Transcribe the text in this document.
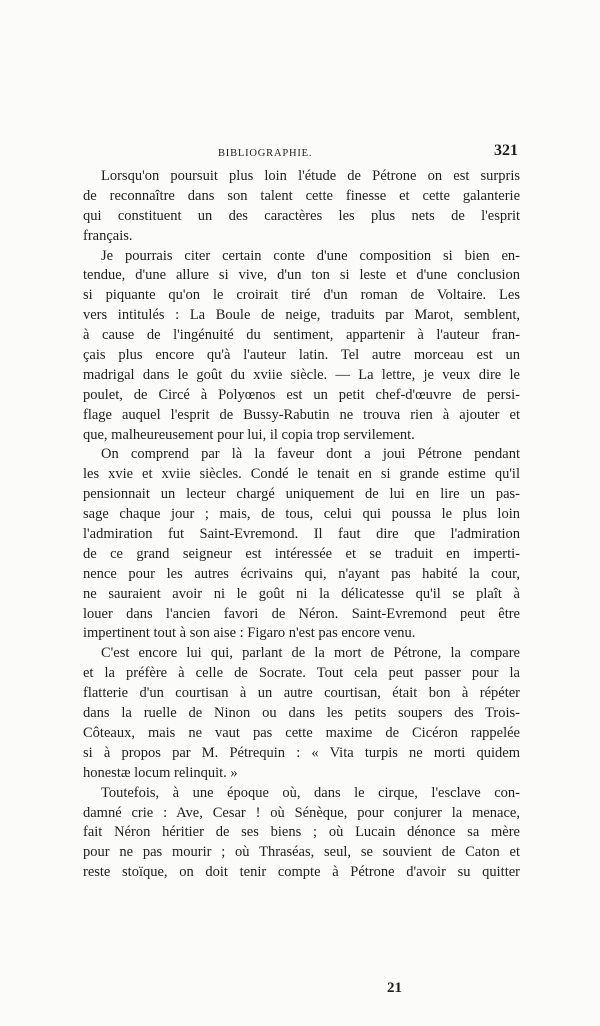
BIBLIOGRAPHIE.	321

Lorsqu'on poursuit plus loin l'étude de Pétrone on est surpris
de reconnaître dans son talent cette finesse et cette galanterie
qui constituent un des caractères les plus nets de l'esprit
français.

Je pourrais citer certain conte d'une composition si bien en-
tendue, d'une allure si vive, d'un ton si leste et d'une conclusion
si piquante qu'on le croirait tiré d'un roman de Voltaire. Les
vers intitulés : La Boule de neige, traduits par Marot, semblent,
à cause de l'ingénuité du sentiment, appartenir à l'auteur fran-
çais plus encore qu'à l'auteur latin. Tel autre morceau est un
madrigal dans le goût du xviie siècle. — La lettre, je veux dire le
poulet, de Circé à Polyœnos est un petit chef-d'œuvre de persi-
flage auquel l'esprit de Bussy-Rabutin ne trouva rien à ajouter et
que, malheureusement pour lui, il copia trop servilement.

On comprend par là la faveur dont a joui Pétrone pendant
les xvie et xviie siècles. Condé le tenait en si grande estime qu'il
pensionnait un lecteur chargé uniquement de lui en lire un pas-
sage chaque jour ; mais, de tous, celui qui poussa le plus loin
l'admiration fut Saint-Evremond. Il faut dire que l'admiration
de ce grand seigneur est intéressée et se traduit en imperti-
nence pour les autres écrivains qui, n'ayant pas habité la cour,
ne sauraient avoir ni le goût ni la délicatesse qu'il se plaît à
louer dans l'ancien favori de Néron. Saint-Evremond peut être
impertinent tout à son aise : Figaro n'est pas encore venu.

C'est encore lui qui, parlant de la mort de Pétrone, la compare
et la préfère à celle de Socrate. Tout cela peut passer pour la
flatterie d'un courtisan à un autre courtisan, était bon à répéter
dans la ruelle de Ninon ou dans les petits soupers des Trois-
Côteaux, mais ne vaut pas cette maxime de Cicéron rappelée
si à propos par M. Pétrequin : « Vita turpis ne morti quidem
honestæ locum relinquit. »

Toutefois, à une époque où, dans le cirque, l'esclave con-
damné crie : Ave, Cesar ! où Sénèque, pour conjurer la menace,
fait Néron héritier de ses biens ; où Lucain dénonce sa mère
pour ne pas mourir ; où Thraséas, seul, se souvient de Caton et
reste stoïque, on doit tenir compte à Pétrone d'avoir su quitter

21
